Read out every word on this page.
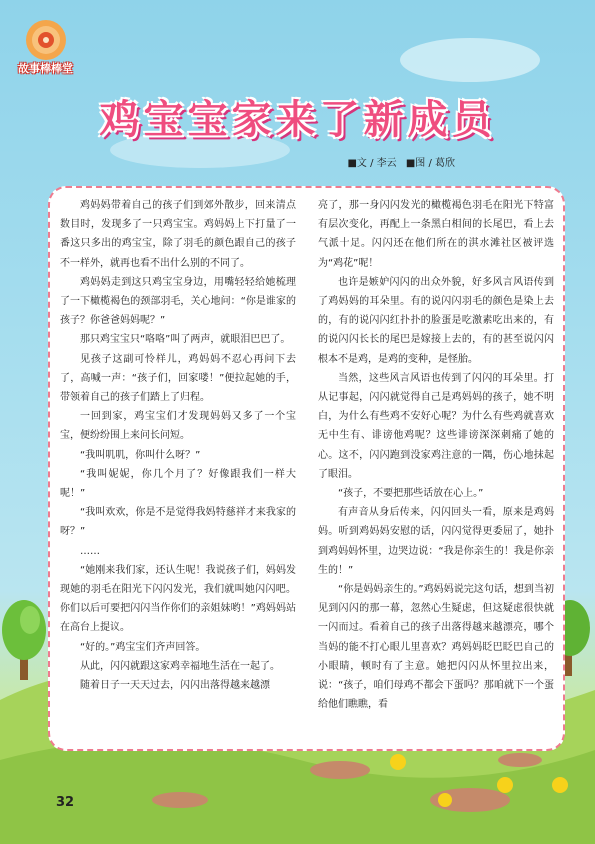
故事棒棒堂
鸡宝宝家来了新成员
■文 / 李云 ■图 / 葛欣

鸡妈妈带着自己的孩子们到郊外散步，回来清点数目时，发现多了一只鸡宝宝。鸡妈妈上下打量了一番这只多出的鸡宝宝，除了羽毛的颜色跟自己的孩子不一样外，就再也看不出什么别的不同了。

鸡妈妈走到这只鸡宝宝身边，用嘴轻轻给她梳理了一下橄榄褐色的颈部羽毛，关心地问：“你是谁家的孩子？你爸爸妈妈呢？”

那只鸡宝宝只“咯咯”叫了两声，就眼泪巴巴了。

见孩子这副可怜样儿，鸡妈妈不忍心再问下去了，高喊一声：“孩子们，回家喽！”便拉起她的手，带领着自己的孩子们踏上了归程。

一回到家，鸡宝宝们才发现妈妈又多了一个宝宝，便纷纷围上来问长问短。

“我叫叽叽，你叫什么呀？”

“我叫妮妮，你几个月了？好像跟我们一样大呢！”

“我叫欢欢，你是不是觉得我妈特慈祥才来我家的呀？”

……

“她刚来我们家，还认生呢！我说孩子们，妈妈发现她的羽毛在阳光下闪闪发光，我们就叫她闪闪吧。你们以后可要把闪闪当作你们的亲姐妹哟！”鸡妈妈站在高台上提议。

“好的。”鸡宝宝们齐声回答。

从此，闪闪就跟这家鸡幸福地生活在一起了。

随着日子一天天过去，闪闪出落得越来越漂

亮了，那一身闪闪发光的橄榄褐色羽毛在阳光下特富有层次变化，再配上一条黑白相间的长尾巴，看上去气派十足。闪闪还在他们所在的淇水滩社区被评选为“鸡花”呢！

也许是嫉妒闪闪的出众外貌，好多风言风语传到了鸡妈妈的耳朵里。有的说闪闪羽毛的颜色是染上去的，有的说闪闪红扑扑的脸蛋是吃激素吃出来的，有的说闪闪长长的尾巴是嫁接上去的，有的甚至说闪闪根本不是鸡，是鸡的变种，是怪胎。

当然，这些风言风语也传到了闪闪的耳朵里。打从记事起，闪闪就觉得自己是鸡妈妈的孩子，她不明白，为什么有些鸡不安好心呢？为什么有些鸡就喜欢无中生有、诽谤他鸡呢？这些诽谤深深刺痛了她的心。这不，闪闪跑到没家鸡注意的一隅，伤心地抹起了眼泪。

“孩子，不要把那些话放在心上。”

有声音从身后传来，闪闪回头一看，原来是鸡妈妈。听到鸡妈妈安慰的话，闪闪觉得更委屈了，她扑到鸡妈妈怀里，边哭边说：“我是你亲生的！我是你亲生的！”

“你是妈妈亲生的。”鸡妈妈说完这句话，想到当初见到闪闪的那一幕，忽然心生疑虑，但这疑虑很快就一闪而过。看着自己的孩子出落得越来越漂亮，哪个当妈的能不打心眼儿里喜欢？鸡妈妈眨巴眨巴自己的小眼睛，顿时有了主意。她把闪闪从怀里拉出来，说：“孩子，咱们母鸡不都会下蛋吗？那咱就下一个蛋给他们瞧瞧，看

32
